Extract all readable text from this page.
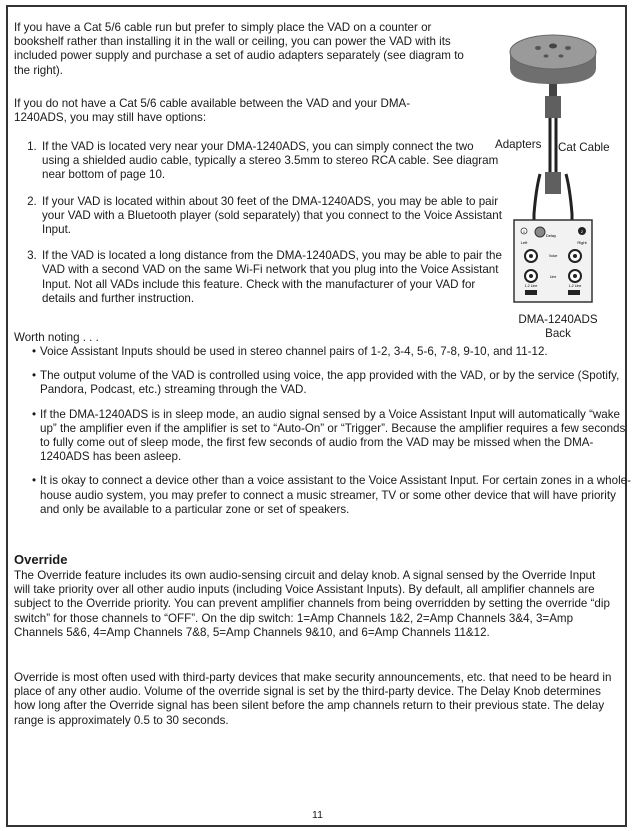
If you have a Cat 5/6 cable run but prefer to simply place the VAD on a counter or bookshelf rather than installing it in the wall or ceiling, you can power the VAD with its included power supply and purchase a set of audio adapters separately (see diagram to the right).

If you do not have a Cat 5/6 cable available between the VAD and your DMA-1240ADS, you may still have options:

1. If the VAD is located very near your DMA-1240ADS, you can simply connect the two using a shielded audio cable, typically a stereo 3.5mm to stereo RCA cable. See diagram near bottom of page 10.
2. If your VAD is located within about 30 feet of the DMA-1240ADS, you may be able to pair your VAD with a Bluetooth player (sold separately) that you connect to the Voice Assistant Input.
3. If the VAD is located a long distance from the DMA-1240ADS, you may be able to pair the VAD with a second VAD on the same Wi-Fi network that you plug into the Voice Assistant Input. Not all VADs include this feature. Check with the manufacturer of your VAD for details and further instruction.

Worth noting . . .

• Voice Assistant Inputs should be used in stereo channel pairs of 1-2, 3-4, 5-6, 7-8, 9-10, and 11-12.
• The output volume of the VAD is controlled using voice, the app provided with the VAD, or by the service (Spotify, Pandora, Podcast, etc.) streaming through the VAD.
• If the DMA-1240ADS is in sleep mode, an audio signal sensed by a Voice Assistant Input will automatically “wake up” the amplifier even if the amplifier is set to “Auto-On” or “Trigger”. Because the amplifier requires a few seconds to fully come out of sleep mode, the first few seconds of audio from the VAD may be missed when the DMA-1240ADS has been asleep.
• It is okay to connect a device other than a voice assistant to the Voice Assistant Input. For certain zones in a whole-house audio system, you may prefer to connect a music streamer, TV or some other device that will have priority and only be available to a particular zone or set of speakers.
Override

The Override feature includes its own audio-sensing circuit and delay knob. A signal sensed by the Override Input will take priority over all other audio inputs (including Voice Assistant Inputs). By default, all amplifier channels are subject to the Override priority. You can prevent amplifier channels from being overridden by setting the override “dip switch” for those channels to “OFF”. On the dip switch: 1=Amp Channels 1&2, 2=Amp Channels 3&4, 3=Amp Channels 5&6, 4=Amp Channels 7&8, 5=Amp Channels 9&10, and 6=Amp Channels 11&12.

Override is most often used with third-party devices that make security announcements, etc. that need to be heard in place of any other audio. Volume of the override signal is set by the third-party device. The Delay Knob determines how long after the Override signal has been silent before the amp channels return to their previous state. The delay range is approximately 0.5 to 30 seconds.

11
Delay
Left	Right
Voice
Line
1-2 Line	1-2 Line
1	2
Adapters Cat Cable
DMA-1240ADS
Back
